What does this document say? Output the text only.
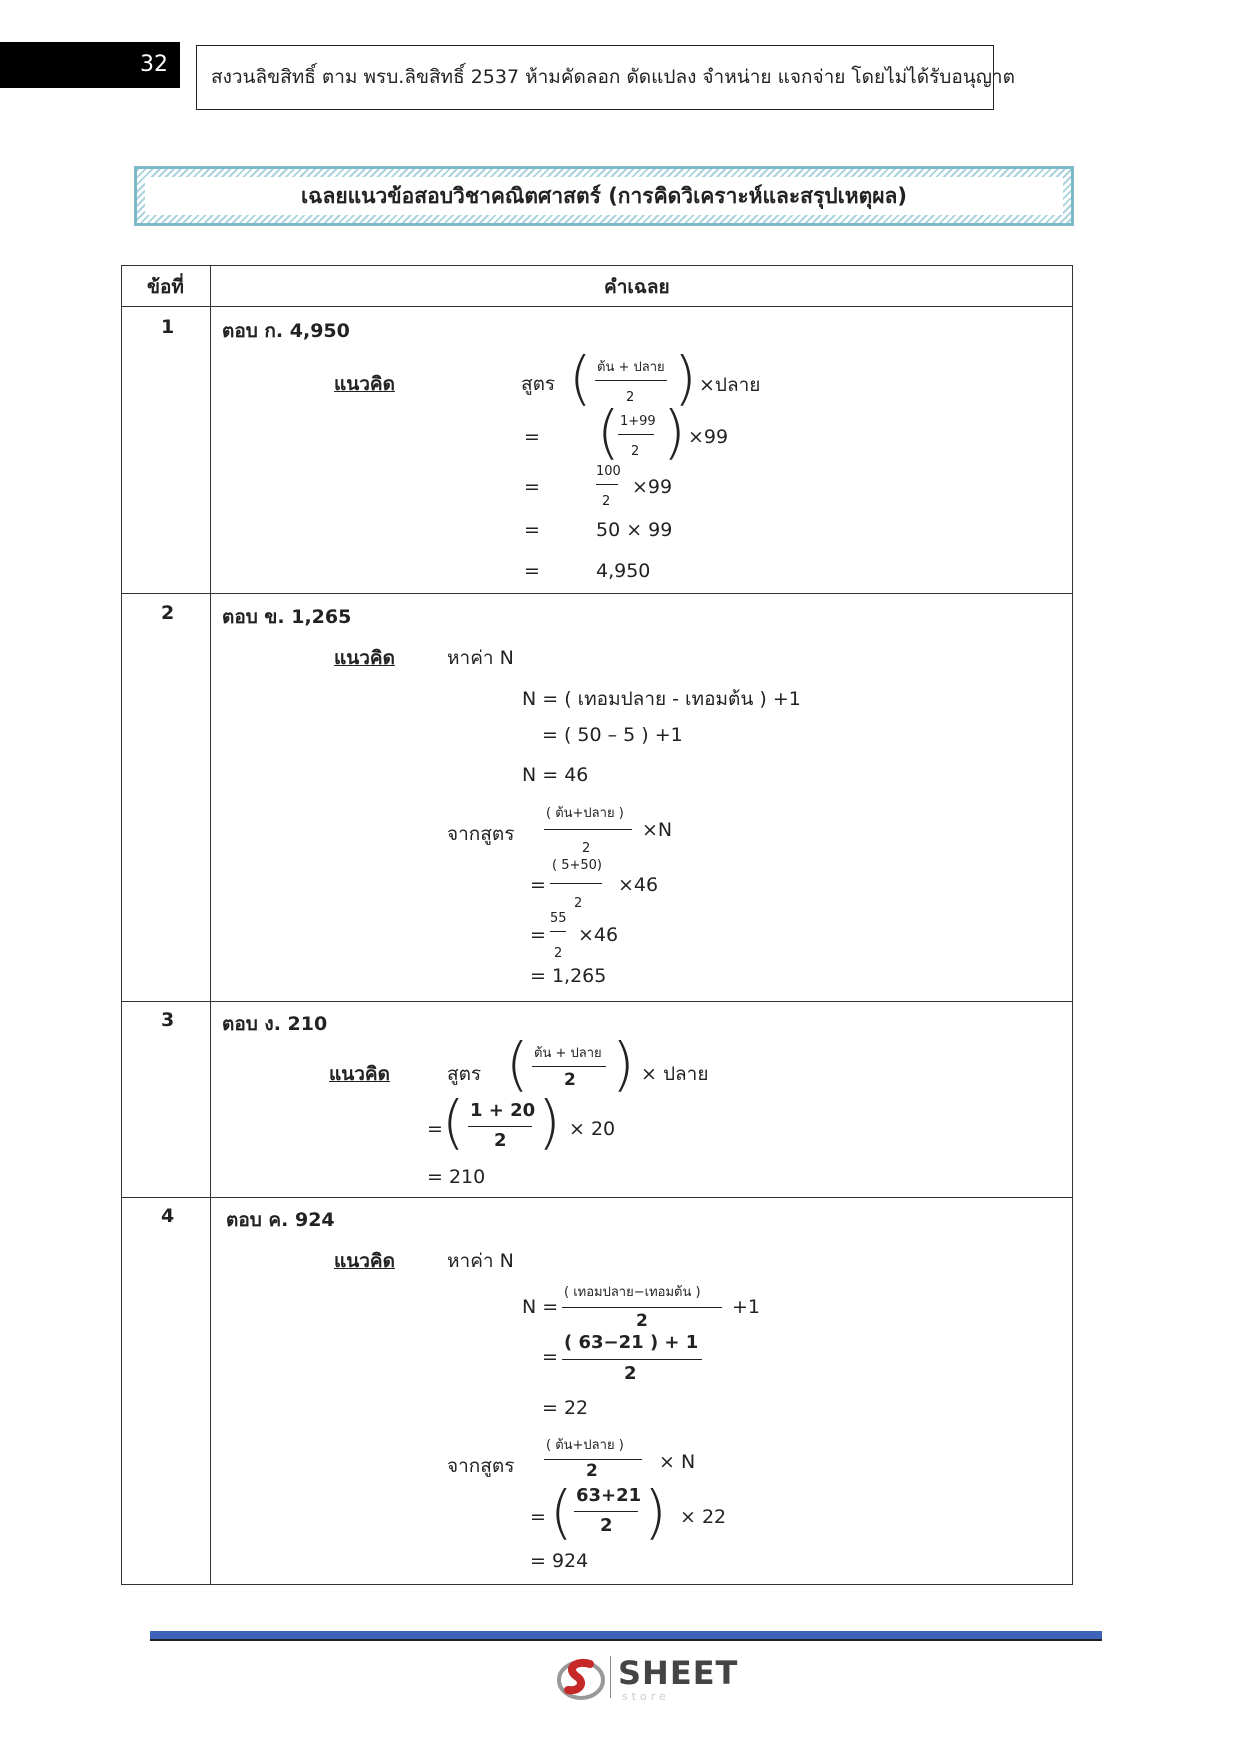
32 สงวนลิขสิทธิ์ ตาม พรบ.ลิขสิทธิ์ 2537 ห้ามคัดลอก ดัดแปลง จำหน่าย แจกจ่าย โดยไม่ได้รับอนุญาต
เฉลยแนวข้อสอบวิชาคณิตศาสตร์ (การคิดวิเคราะห์และสรุปเหตุผล)
ข้อที่	คำเฉลย
1	ตอบ ก. 4,950
แนวคิด	สูตร ( ต้น + ปลาย
2 ) ×ปลาย
= ( 1+99
2 ) ×99
=
100
2
×99
=	50 × 99
=	4,950
2	ตอบ ข. 1,265
แนวคิด	หาค่า N
N = ( เทอมปลาย - เทอมต้น ) +1
= ( 50 – 5 ) +1
N = 46
จากสูตร
( ต้น+ปลาย )
2
×N
=
( 5+50)
2
×46
=
55
2
×46
= 1,265
3	ตอบ ง. 210
แนวคิด	สูตร ( ต้น + ปลาย
2 ) × ปลาย
= ( 1 + 20
2 ) × 20
= 210
4	ตอบ ค. 924
แนวคิด	หาค่า N
N =
( เทอมปลาย−เทอมต้น )
2
+1
=
( 63−21 ) + 1
2
= 22
จากสูตร
( ต้น+ปลาย )
2	× N
= ( 63+21
2 ) × 22
= 924
SHEET
store
